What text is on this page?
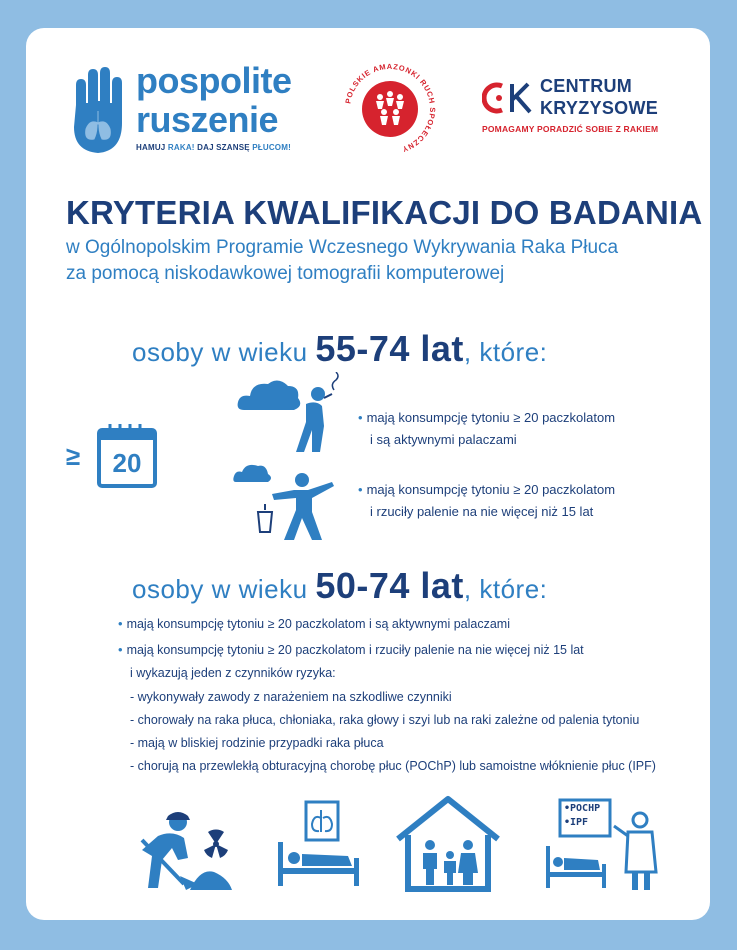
pospolite
ruszenie
HAMUJ RAKA! DAJ SZANSĘ PŁUCOM!
POLSKIE AMAZONKI RUCH SPOŁECZNY
CENTRUM
KRYZYSOWE
POMAGAMY PORADZIĆ SOBIE Z RAKIEM
KRYTERIA KWALIFIKACJI DO BADANIA
w Ogólnopolskim Programie Wczesnego Wykrywania Raka Płuca
za pomocą niskodawkowej tomografii komputerowej
osoby w wieku 55-74 lat, które:
≥	20
• mają konsumpcję tytoniu ≥ 20 paczkolatom
i są aktywnymi palaczami
• mają konsumpcję tytoniu ≥ 20 paczkolatom
i rzuciły palenie na nie więcej niż 15 lat
osoby w wieku 50-74 lat, które:
• mają konsumpcję tytoniu ≥ 20 paczkolatom i są aktywnymi palaczami
• mają konsumpcję tytoniu ≥ 20 paczkolatom i rzuciły palenie na nie więcej niż 15 lat
i wykazują jeden z czynników ryzyka:
- wykonywały zawody z narażeniem na szkodliwe czynniki
- chorowały na raka płuca, chłoniaka, raka głowy i szyi lub na raki zależne od palenia tytoniu
- mają w bliskiej rodzinie przypadki raka płuca
- chorują na przewlekłą obturacyjną chorobę płuc (POChP) lub samoistne włóknienie płuc (IPF)
•POCHP
•IPF
